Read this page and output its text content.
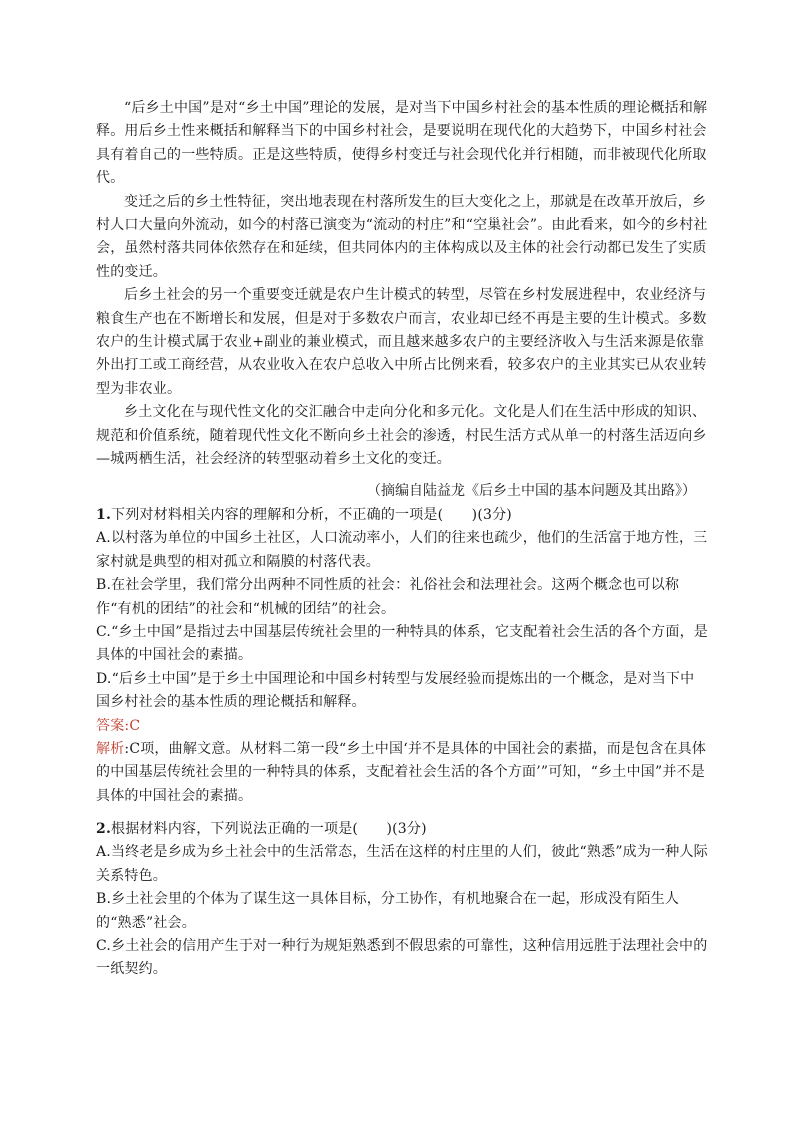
“后乡土中国”是对“乡土中国”理论的发展，是对当下中国乡村社会的基本性质的理论概括和解释。用后乡土性来概括和解释当下的中国乡村社会，是要说明在现代化的大趋势下，中国乡村社会具有着自己的一些特质。正是这些特质，使得乡村变迁与社会现代化并行相随，而非被现代化所取代。

变迁之后的乡土性特征，突出地表现在村落所发生的巨大变化之上，那就是在改革开放后，乡村人口大量向外流动，如今的村落已演变为“流动的村庄”和“空巢社会”。由此看来，如今的乡村社会，虽然村落共同体依然存在和延续，但共同体内的主体构成以及主体的社会行动都已发生了实质性的变迁。

后乡土社会的另一个重要变迁就是农户生计模式的转型，尽管在乡村发展进程中，农业经济与粮食生产也在不断增长和发展，但是对于多数农户而言，农业却已经不再是主要的生计模式。多数农户的生计模式属于农业+副业的兼业模式，而且越来越多农户的主要经济收入与生活来源是依靠外出打工或工商经营，从农业收入在农户总收入中所占比例来看，较多农户的主业其实已从农业转型为非农业。

乡土文化在与现代性文化的交汇融合中走向分化和多元化。文化是人们在生活中形成的知识、规范和价值系统，随着现代性文化不断向乡土社会的渗透，村民生活方式从单一的村落生活迈向乡—城两栖生活，社会经济的转型驱动着乡土文化的变迁。

（摘编自陆益龙《后乡土中国的基本问题及其出路》）

1.下列对材料相关内容的理解和分析，不正确的一项是(　　)(3分)

A.以村落为单位的中国乡土社区，人口流动率小，人们的往来也疏少，他们的生活富于地方性，三家村就是典型的相对孤立和隔膜的村落代表。

B.在社会学里，我们常分出两种不同性质的社会：礼俗社会和法理社会。这两个概念也可以称作“有机的团结”的社会和“机械的团结”的社会。

C.“乡土中国”是指过去中国基层传统社会里的一种特具的体系，它支配着社会生活的各个方面，是具体的中国社会的素描。

D.“后乡土中国”是于乡土中国理论和中国乡村转型与发展经验而提炼出的一个概念，是对当下中国乡村社会的基本性质的理论概括和解释。

答案:C

解析:C项，曲解文意。从材料二第一段“乡土中国‘并不是具体的中国社会的素描，而是包含在具体的中国基层传统社会里的一种特具的体系，支配着社会生活的各个方面’”可知，“乡土中国”并不是具体的中国社会的素描。

2.根据材料内容，下列说法正确的一项是(　　)(3分)

A.当终老是乡成为乡土社会中的生活常态，生活在这样的村庄里的人们，彼此“熟悉”成为一种人际关系特色。

B.乡土社会里的个体为了谋生这一具体目标，分工协作，有机地聚合在一起，形成没有陌生人的“熟悉”社会。

C.乡土社会的信用产生于对一种行为规矩熟悉到不假思索的可靠性，这种信用远胜于法理社会中的一纸契约。
